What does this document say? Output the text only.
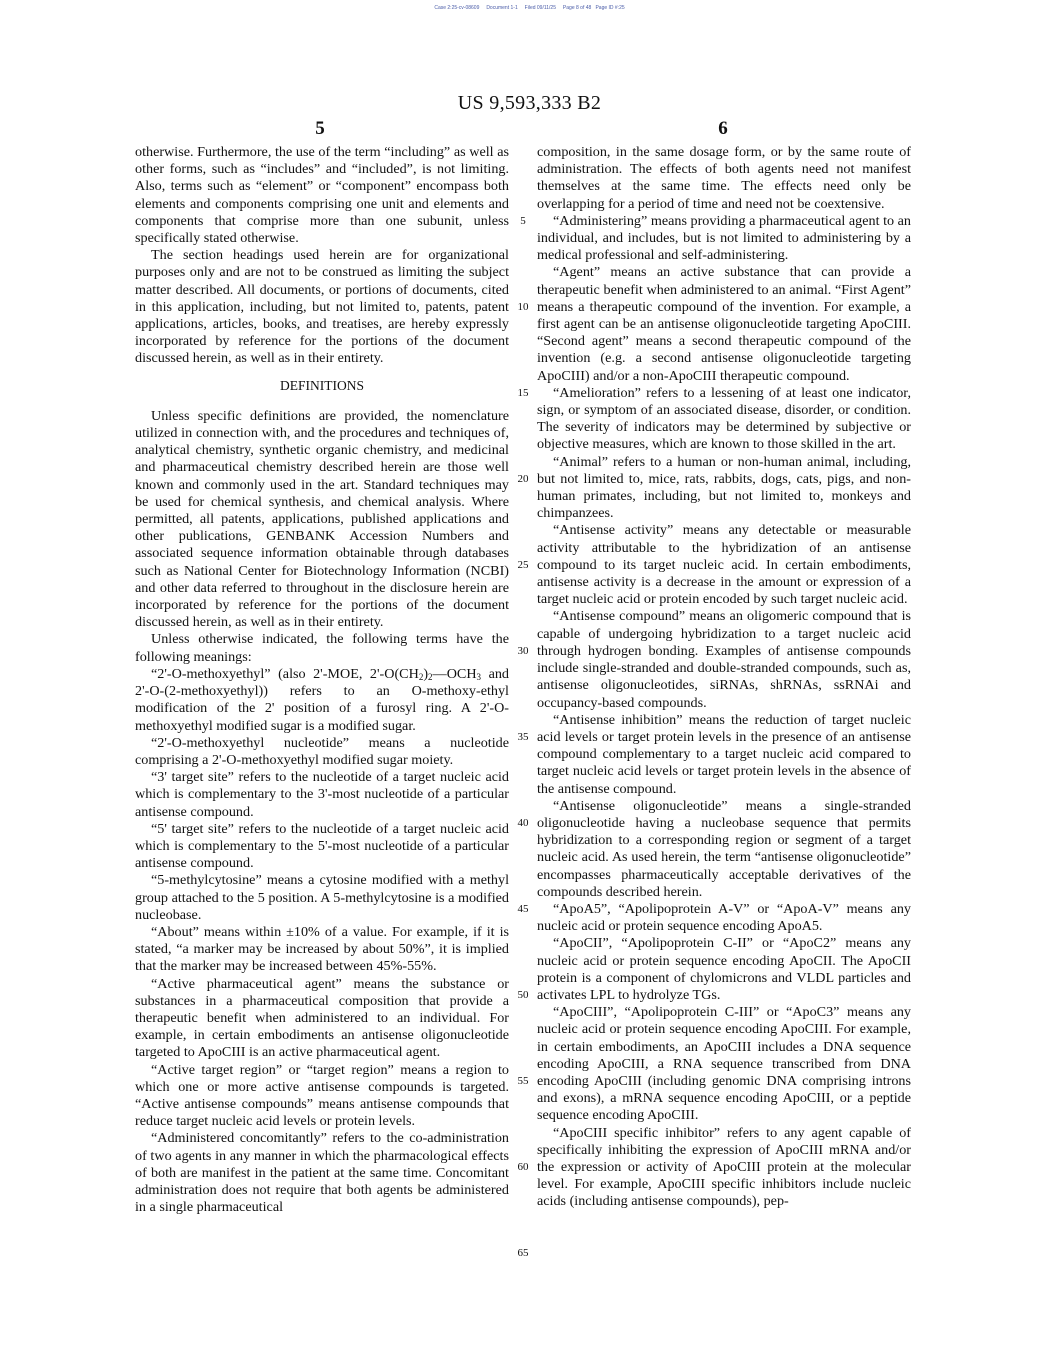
Case 2:25-cv-08609     Document 1-1     Filed 09/11/25     Page 8 of 48   Page ID #:25
US 9,593,333 B2
5	6

otherwise. Furthermore, the use of the term “including” as well as other forms, such as “includes” and “included”, is not limiting. Also, terms such as “element” or “component” encompass both elements and components comprising one unit and elements and components that comprise more than one subunit, unless specifically stated otherwise.

The section headings used herein are for organizational purposes only and are not to be construed as limiting the subject matter described. All documents, or portions of documents, cited in this application, including, but not limited to, patents, patent applications, articles, books, and treatises, are hereby expressly incorporated by reference for the portions of the document discussed herein, as well as in their entirety.

DEFINITIONS

Unless specific definitions are provided, the nomenclature utilized in connection with, and the procedures and techniques of, analytical chemistry, synthetic organic chemistry, and medicinal and pharmaceutical chemistry described herein are those well known and commonly used in the art. Standard techniques may be used for chemical synthesis, and chemical analysis. Where permitted, all patents, applications, published applications and other publications, GENBANK Accession Numbers and associated sequence information obtainable through databases such as National Center for Biotechnology Information (NCBI) and other data referred to throughout in the disclosure herein are incorporated by reference for the portions of the document discussed herein, as well as in their entirety.

Unless otherwise indicated, the following terms have the following meanings:

“2'-O-methoxyethyl” (also 2'-MOE, $2'-O(CH_2)_2—OCH_3$ and 2'-O-(2-methoxyethyl)) refers to an O-methoxy-ethyl modification of the 2' position of a furosyl ring. A 2'-O-methoxyethyl modified sugar is a modified sugar.

“2'-O-methoxyethyl nucleotide” means a nucleotide comprising a 2'-O-methoxyethyl modified sugar moiety.

“3' target site” refers to the nucleotide of a target nucleic acid which is complementary to the 3'-most nucleotide of a particular antisense compound.

“5' target site” refers to the nucleotide of a target nucleic acid which is complementary to the 5'-most nucleotide of a particular antisense compound.

“5-methylcytosine” means a cytosine modified with a methyl group attached to the 5 position. A 5-methylcytosine is a modified nucleobase.

“About” means within ±10% of a value. For example, if it is stated, “a marker may be increased by about 50%”, it is implied that the marker may be increased between 45%-55%.

“Active pharmaceutical agent” means the substance or substances in a pharmaceutical composition that provide a therapeutic benefit when administered to an individual. For example, in certain embodiments an antisense oligonucleotide targeted to ApoCIII is an active pharmaceutical agent.

“Active target region” or “target region” means a region to which one or more active antisense compounds is targeted. “Active antisense compounds” means antisense compounds that reduce target nucleic acid levels or protein levels.

“Administered concomitantly” refers to the co-administration of two agents in any manner in which the pharmacological effects of both are manifest in the patient at the same time. Concomitant administration does not require that both agents be administered in a single pharmaceutical

5
10
15
20
25
30
35
40
45
50
55
60
65

composition, in the same dosage form, or by the same route of administration. The effects of both agents need not manifest themselves at the same time. The effects need only be overlapping for a period of time and need not be coextensive.

“Administering” means providing a pharmaceutical agent to an individual, and includes, but is not limited to administering by a medical professional and self-administering.

“Agent” means an active substance that can provide a therapeutic benefit when administered to an animal. “First Agent” means a therapeutic compound of the invention. For example, a first agent can be an antisense oligonucleotide targeting ApoCIII. “Second agent” means a second therapeutic compound of the invention (e.g. a second antisense oligonucleotide targeting ApoCIII) and/or a non-ApoCIII therapeutic compound.

“Amelioration” refers to a lessening of at least one indicator, sign, or symptom of an associated disease, disorder, or condition. The severity of indicators may be determined by subjective or objective measures, which are known to those skilled in the art.

“Animal” refers to a human or non-human animal, including, but not limited to, mice, rats, rabbits, dogs, cats, pigs, and non-human primates, including, but not limited to, monkeys and chimpanzees.

“Antisense activity” means any detectable or measurable activity attributable to the hybridization of an antisense compound to its target nucleic acid. In certain embodiments, antisense activity is a decrease in the amount or expression of a target nucleic acid or protein encoded by such target nucleic acid.

“Antisense compound” means an oligomeric compound that is capable of undergoing hybridization to a target nucleic acid through hydrogen bonding. Examples of antisense compounds include single-stranded and double-stranded compounds, such as, antisense oligonucleotides, siRNAs, shRNAs, ssRNAi and occupancy-based compounds.

“Antisense inhibition” means the reduction of target nucleic acid levels or target protein levels in the presence of an antisense compound complementary to a target nucleic acid compared to target nucleic acid levels or target protein levels in the absence of the antisense compound.

“Antisense oligonucleotide” means a single-stranded oligonucleotide having a nucleobase sequence that permits hybridization to a corresponding region or segment of a target nucleic acid. As used herein, the term “antisense oligonucleotide” encompasses pharmaceutically acceptable derivatives of the compounds described herein.

“ApoA5”, “Apolipoprotein A-V” or “ApoA-V” means any nucleic acid or protein sequence encoding ApoA5.

“ApoCII”, “Apolipoprotein C-II” or “ApoC2” means any nucleic acid or protein sequence encoding ApoCII. The ApoCII protein is a component of chylomicrons and VLDL particles and activates LPL to hydrolyze TGs.

“ApoCIII”, “Apolipoprotein C-III” or “ApoC3” means any nucleic acid or protein sequence encoding ApoCIII. For example, in certain embodiments, an ApoCIII includes a DNA sequence encoding ApoCIII, a RNA sequence transcribed from DNA encoding ApoCIII (including genomic DNA comprising introns and exons), a mRNA sequence encoding ApoCIII, or a peptide sequence encoding ApoCIII.

“ApoCIII specific inhibitor” refers to any agent capable of specifically inhibiting the expression of ApoCIII mRNA and/or the expression or activity of ApoCIII protein at the molecular level. For example, ApoCIII specific inhibitors include nucleic acids (including antisense compounds), pep-
